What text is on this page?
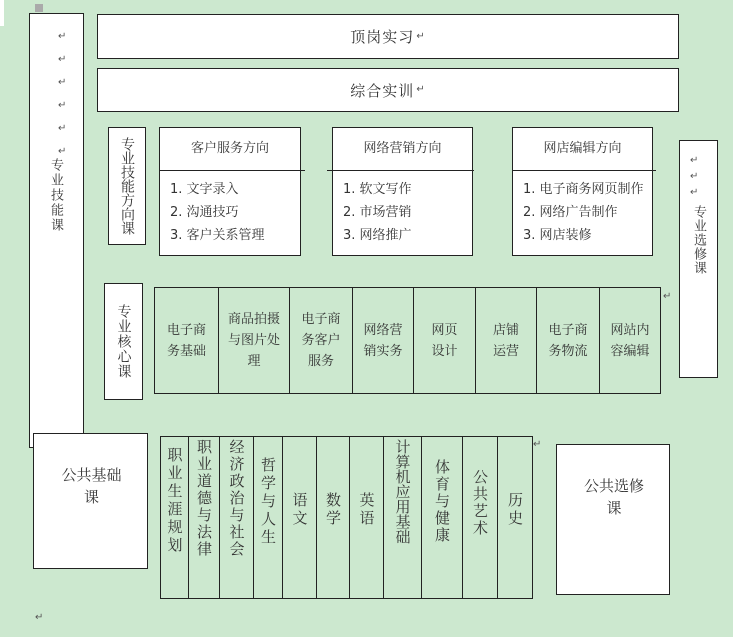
专业技能课
↵
↵
↵
↵
↵
↵
顶岗实习 ↵
综合实训 ↵
专业技能方向课	客户服务方向
1. 文字录入
2. 沟通技巧
3. 客户关系管理
网络营销方向
1. 软文写作
2. 市场营销
3. 网络推广
网店编辑方向
1. 电子商务网页制作
2. 网络广告制作
3. 网店装修
↵
↵
↵
专业选修课
专业核心课	电子商务基础
商品拍摄与图片处理
电子商务客户服务
网络营销实务
网页设计
店铺运营
电子商务物流
网站内容编辑
公共基础课	职业生涯规划 职业道德与法律 经济政治与社会 哲学与人生 语文 数学 英语 计算机应用基础 体育与健康 公共艺术 历史
公共选修课
↵
↵
↵
